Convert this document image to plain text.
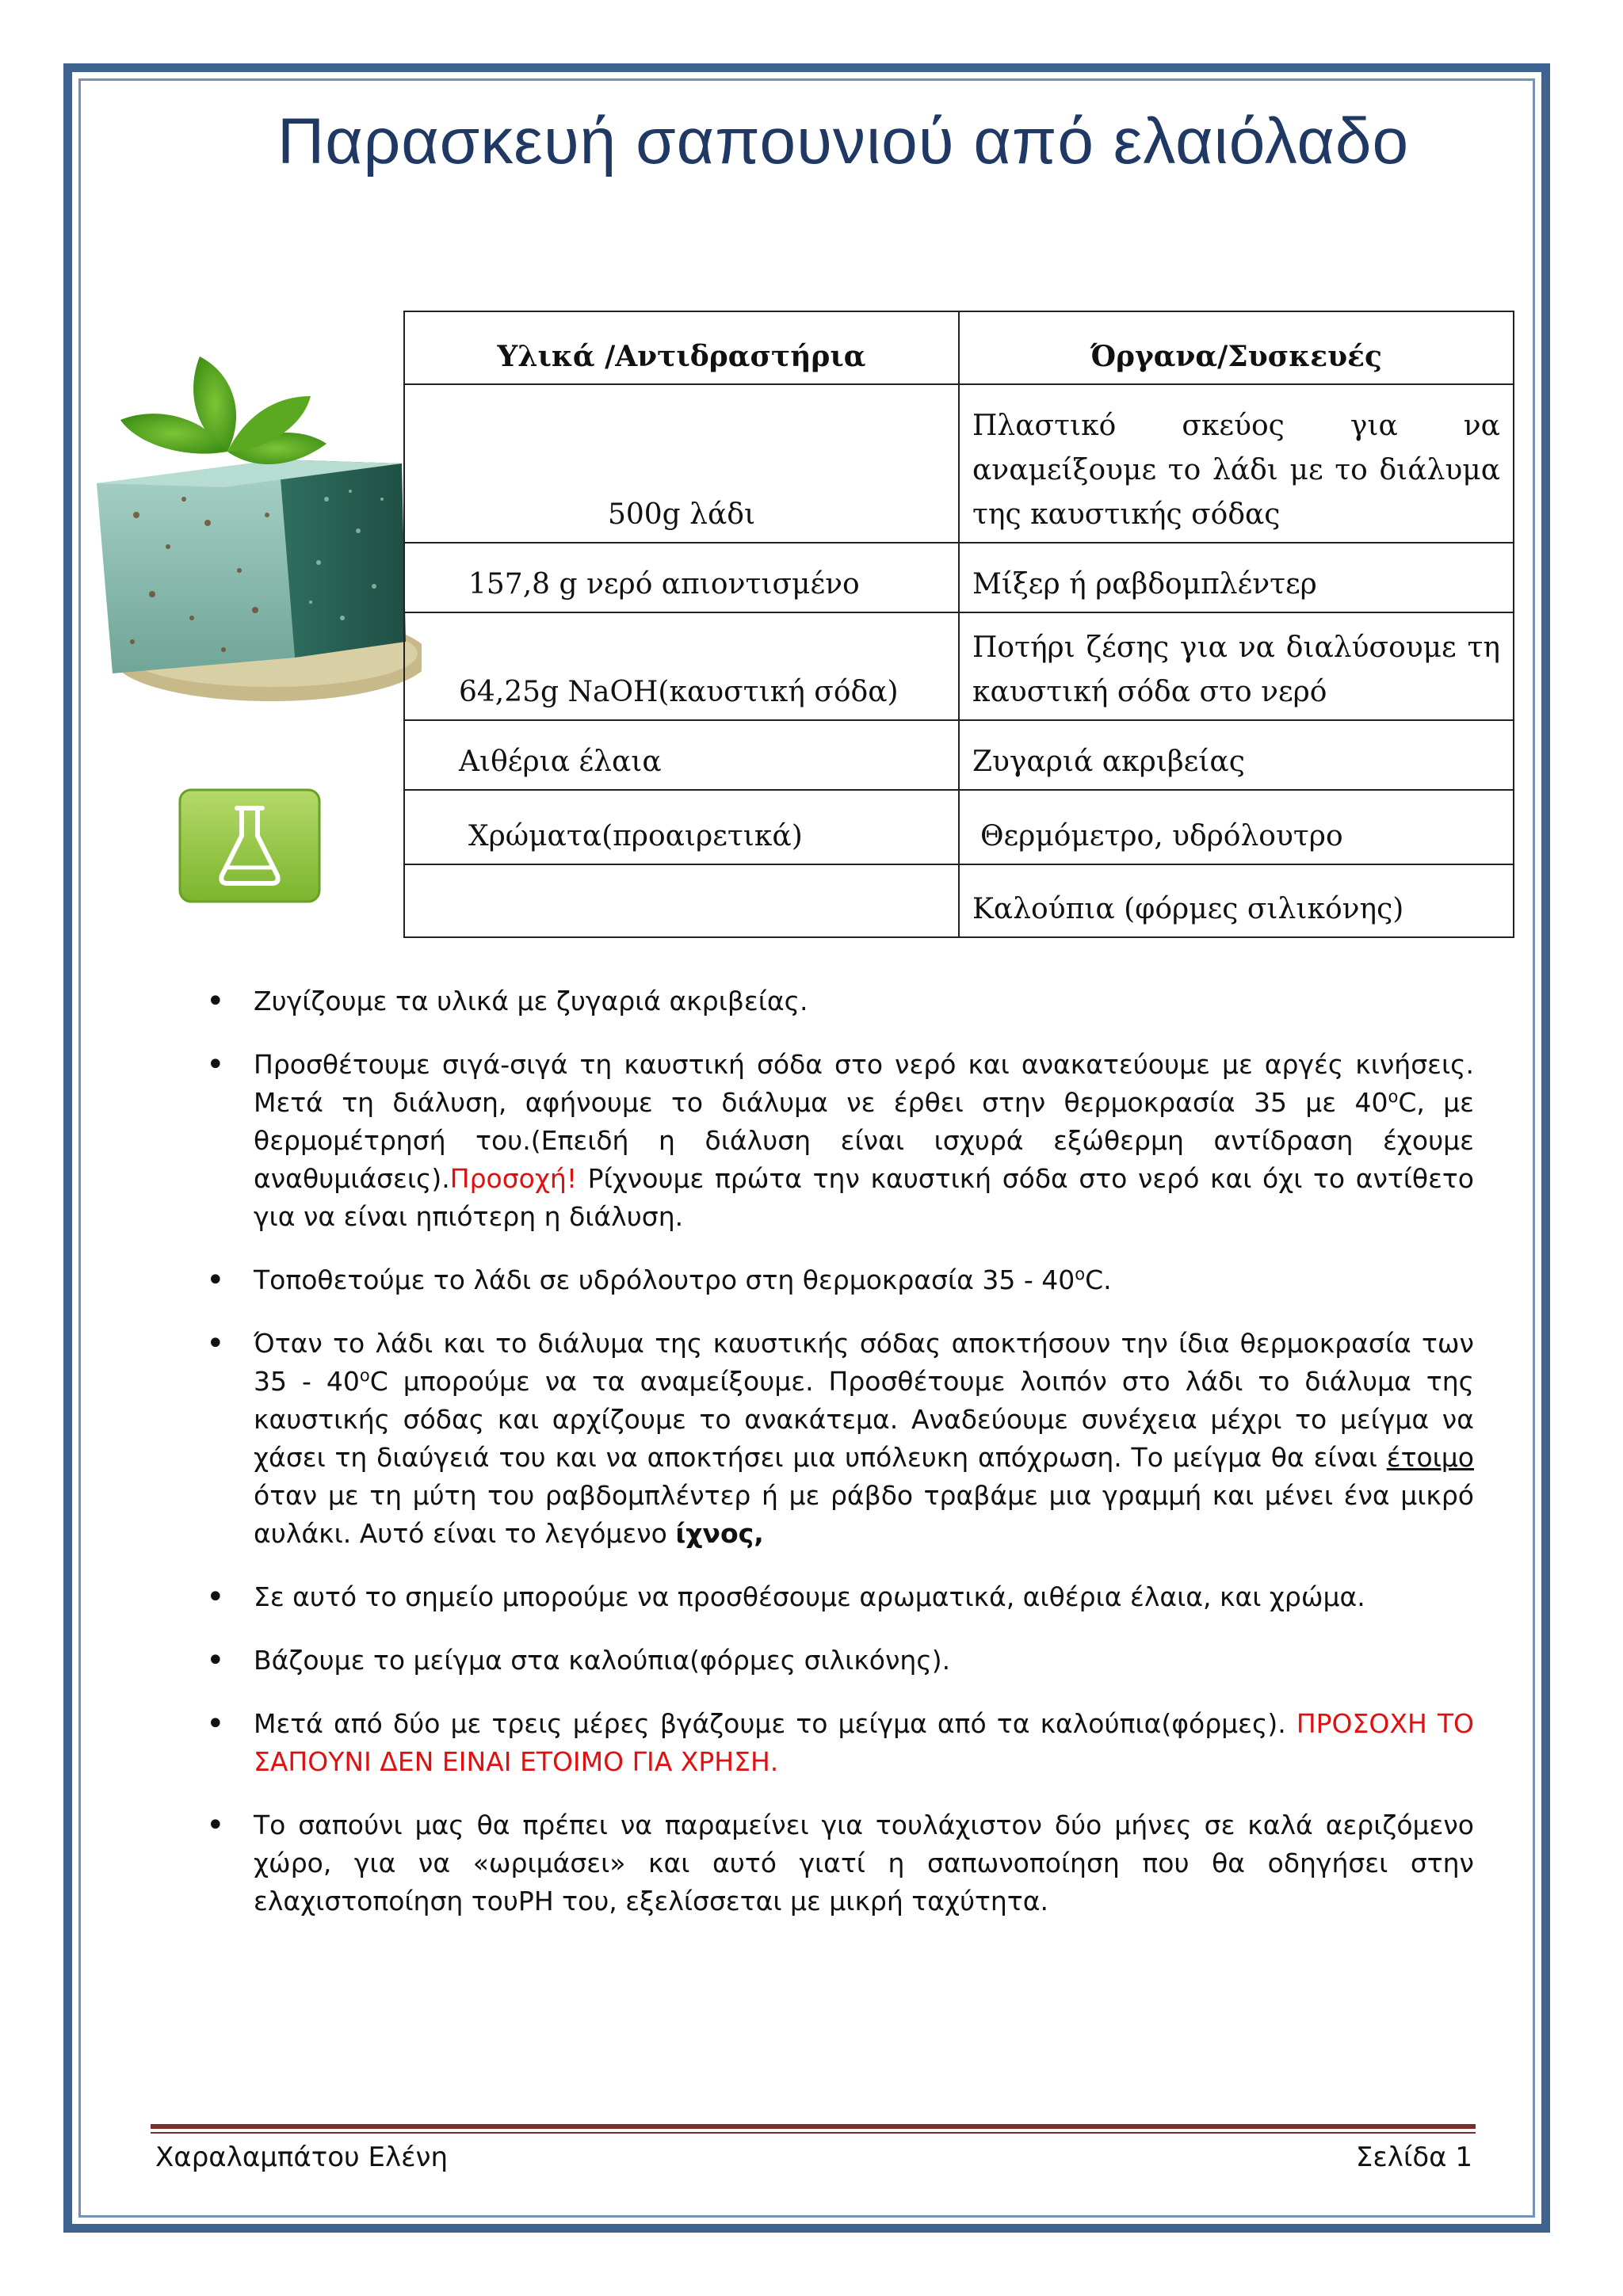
Παρασκευή σαπουνιού από ελαιόλαδο
Υλικά /Αντιδραστήρια	Όργανα/Συσκευές
500g λάδι	Πλαστικό σκεύος για να αναμείξουμε το λάδι με το διάλυμα της καυστικής σόδας
157,8 g νερό απιοντισμένο	Μίξερ ή ραβδομπλέντερ
64,25g NaOH(καυστική σόδα)	Ποτήρι ζέσης για να διαλύσουμε τη καυστική σόδα στο νερό
Αιθέρια έλαια	Ζυγαριά ακριβείας
Χρώματα(προαιρετικά)	Θερμόμετρο, υδρόλουτρο
	Καλούπια (φόρμες σιλικόνης)
• Ζυγίζουμε τα υλικά με ζυγαριά ακριβείας.
• Προσθέτουμε σιγά-σιγά τη καυστική σόδα στο νερό και ανακατεύουμε με αργές κινήσεις. Μετά τη διάλυση, αφήνουμε το διάλυμα νε έρθει στην θερμοκρασία 35 με $40^oC$, με θερμομέτρησή του.(Επειδή η διάλυση είναι ισχυρά εξώθερμη αντίδραση έχουμε αναθυμιάσεις).Προσοχή! Ρίχνουμε πρώτα την καυστική σόδα στο νερό και όχι το αντίθετο για να είναι ηπιότερη η διάλυση.
• Τοποθετούμε το λάδι σε υδρόλουτρο στη θερμοκρασία $35 - 40^oC$.
• Όταν το λάδι και το διάλυμα της καυστικής σόδας αποκτήσουν την ίδια θερμοκρασία των $35 - 40^oC$ μπορούμε να τα αναμείξουμε. Προσθέτουμε λοιπόν στο λάδι το διάλυμα της καυστικής σόδας και αρχίζουμε το ανακάτεμα. Αναδεύουμε συνέχεια μέχρι το μείγμα να χάσει τη διαύγειά του και να αποκτήσει μια υπόλευκη απόχρωση. Το μείγμα θα είναι έτοιμο όταν με τη μύτη του ραβδομπλέντερ ή με ράβδο τραβάμε μια γραμμή και μένει ένα μικρό αυλάκι. Αυτό είναι το λεγόμενο ίχνος,
• Σε αυτό το σημείο μπορούμε να προσθέσουμε αρωματικά, αιθέρια έλαια, και χρώμα.
• Βάζουμε το μείγμα στα καλούπια(φόρμες σιλικόνης).
• Μετά από δύο με τρεις μέρες βγάζουμε το μείγμα από τα καλούπια(φόρμες). ΠΡΟΣΟΧΗ ΤΟ ΣΑΠΟΥΝΙ ΔΕΝ ΕΙΝΑΙ ΕΤΟΙΜΟ ΓΙΑ ΧΡΗΣΗ.
• Το σαπούνι μας θα πρέπει να παραμείνει για τουλάχιστον δύο μήνες σε καλά αεριζόμενο χώρο, για να «ωριμάσει» και αυτό γιατί η σαπωνοποίηση που θα οδηγήσει στην ελαχιστοποίηση τουPH του, εξελίσσεται με μικρή ταχύτητα.
Χαραλαμπάτου Ελένη	Σελίδα 1
